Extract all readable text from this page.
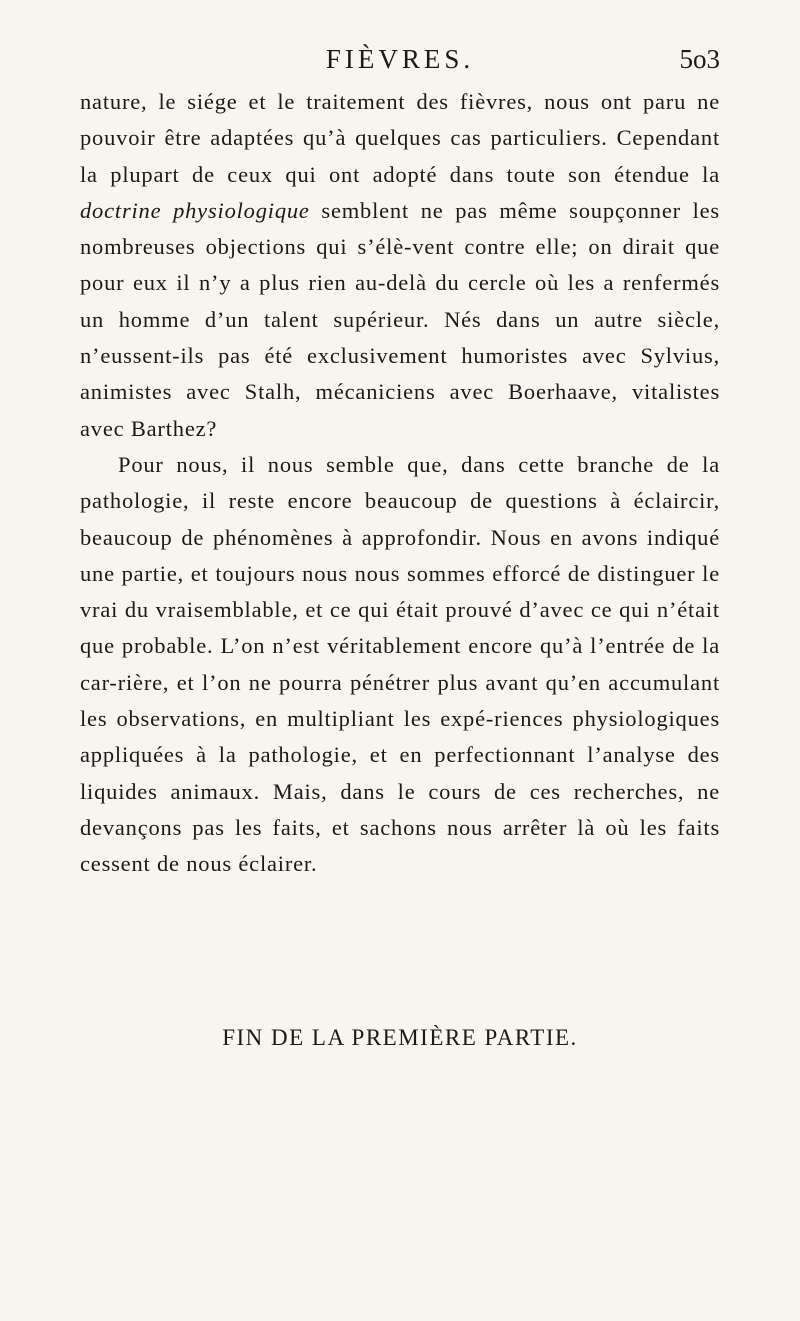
FIÈVRES.	5o3

nature, le siége et le traitement des fièvres, nous ont paru ne pouvoir être adaptées qu’à quelques cas particuliers. Cependant la plupart de ceux qui ont adopté dans toute son étendue la doctrine physiologique semblent ne pas même soupçonner les nombreuses objections qui s’élè-vent contre elle; on dirait que pour eux il n’y a plus rien au-delà du cercle où les a renfermés un homme d’un talent supérieur. Nés dans un autre siècle, n’eussent-ils pas été exclusivement humoristes avec Sylvius, animistes avec Stalh, mécaniciens avec Boerhaave, vitalistes avec Barthez?

Pour nous, il nous semble que, dans cette branche de la pathologie, il reste encore beaucoup de questions à éclaircir, beaucoup de phénomènes à approfondir. Nous en avons indiqué une partie, et toujours nous nous sommes efforcé de distinguer le vrai du vraisemblable, et ce qui était prouvé d’avec ce qui n’était que probable. L’on n’est véritablement encore qu’à l’entrée de la car-rière, et l’on ne pourra pénétrer plus avant qu’en accumulant les observations, en multipliant les expé-riences physiologiques appliquées à la pathologie, et en perfectionnant l’analyse des liquides animaux. Mais, dans le cours de ces recherches, ne devançons pas les faits, et sachons nous arrêter là où les faits cessent de nous éclairer.

FIN DE LA PREMIÈRE PARTIE.
